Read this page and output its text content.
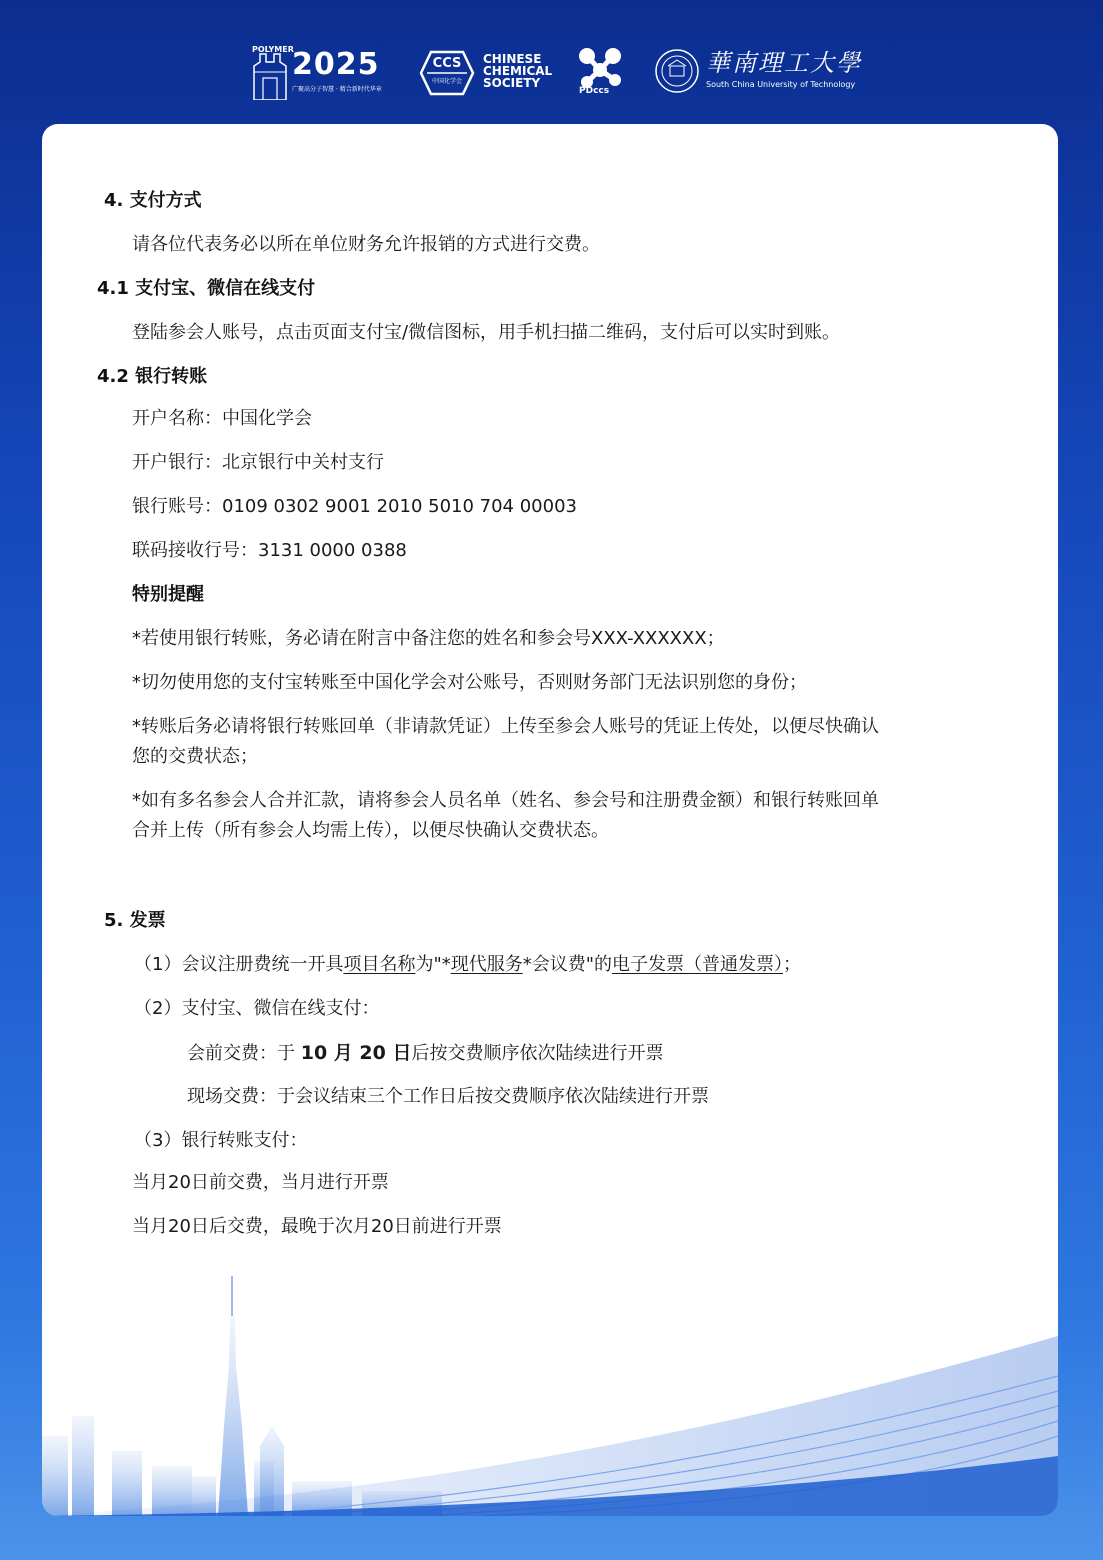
POLYMER
2025
广聚高分子智慧 · 精合新时代华章
CCS
中国化学会
CHINESE
CHEMICAL
SOCIETY
PDccs
華南理工大學
South China University of Technology
4. 支付方式
请各位代表务必以所在单位财务允许报销的方式进行交费。
4.1 支付宝、微信在线支付
登陆参会人账号，点击页面支付宝/微信图标，用手机扫描二维码，支付后可以实时到账。
4.2 银行转账
开户名称：中国化学会
开户银行：北京银行中关村支行
银行账号：0109 0302 9001 2010 5010 704 00003
联码接收行号：3131 0000 0388
特别提醒
*若使用银行转账，务必请在附言中备注您的姓名和参会号XXX-XXXXXX；
*切勿使用您的支付宝转账至中国化学会对公账号，否则财务部门无法识别您的身份；
*转账后务必请将银行转账回单（非请款凭证）上传至参会人账号的凭证上传处，以便尽快确认
您的交费状态；
*如有多名参会人合并汇款，请将参会人员名单（姓名、参会号和注册费金额）和银行转账回单
合并上传（所有参会人均需上传），以便尽快确认交费状态。
5. 发票
（1）会议注册费统一开具项目名称为"*现代服务*会议费"的电子发票（普通发票）；
（2）支付宝、微信在线支付：
会前交费：于 10 月 20 日后按交费顺序依次陆续进行开票
现场交费：于会议结束三个工作日后按交费顺序依次陆续进行开票
（3）银行转账支付：
当月20日前交费，当月进行开票
当月20日后交费，最晚于次月20日前进行开票
